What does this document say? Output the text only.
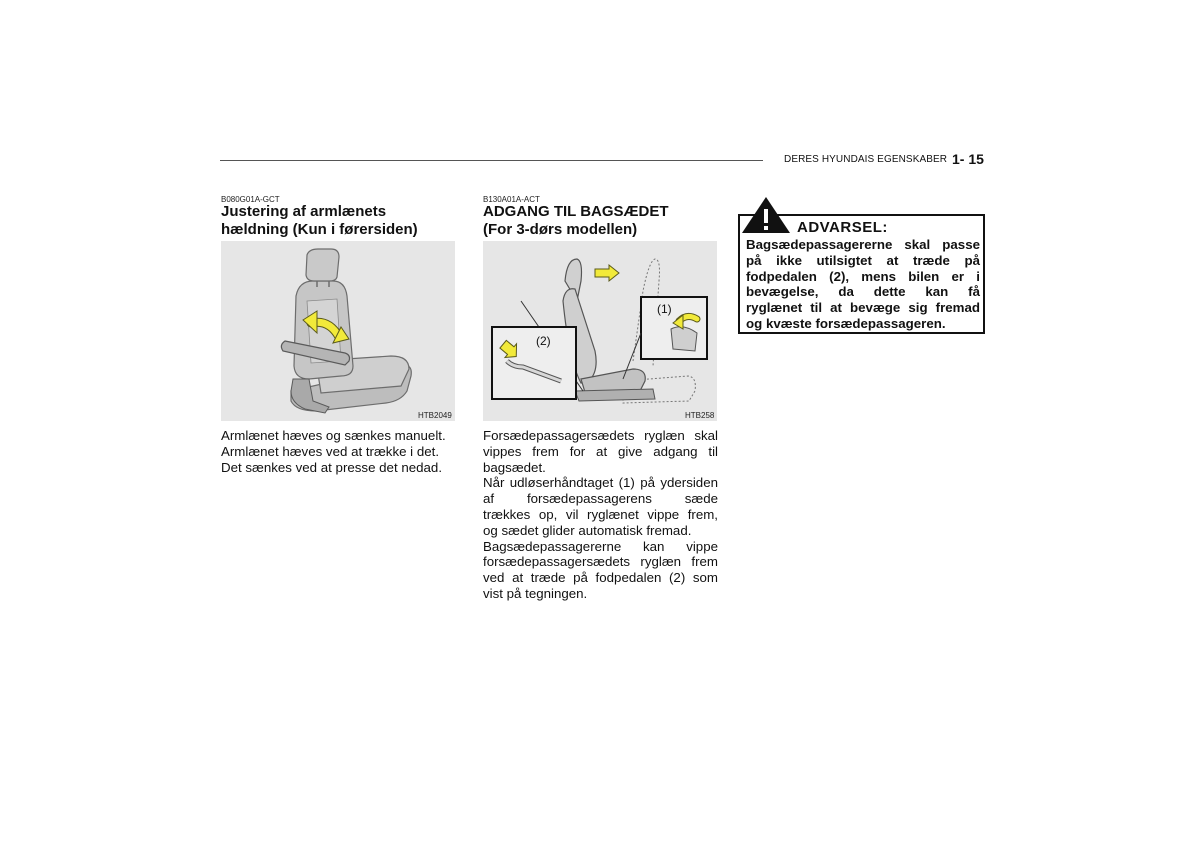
DERES HYUNDAIS EGENSKABER 1- 15
B080G01A-GCT
Justering af armlænets
hældning (Kun i førersiden)
HTB2049
Armlænet hæves og sænkes manuelt.
Armlænet hæves ved at trække i det.
Det sænkes ved at presse det nedad.
B130A01A-ACT
ADGANG TIL BAGSÆDET
(For 3-dørs modellen)
(1)
(2)
HTB258
Forsædepassagersædets ryglæn skal
vippes frem for at give adgang til
bagsædet.
Når udløserhåndtaget (1) på ydersiden
af forsædepassagerens sæde
trækkes op, vil ryglænet vippe frem,
og sædet glider automatisk fremad.
Bagsædepassagererne kan vippe
forsædepassagersædets ryglæn frem
ved at træde på fodpedalen (2) som
vist på tegningen.
ADVARSEL:
Bagsædepassagererne skal passe
på ikke utilsigtet at træde på
fodpedalen (2), mens bilen er i
bevægelse, da dette kan få
ryglænet til at bevæge sig fremad
og kvæste forsædepassageren.
